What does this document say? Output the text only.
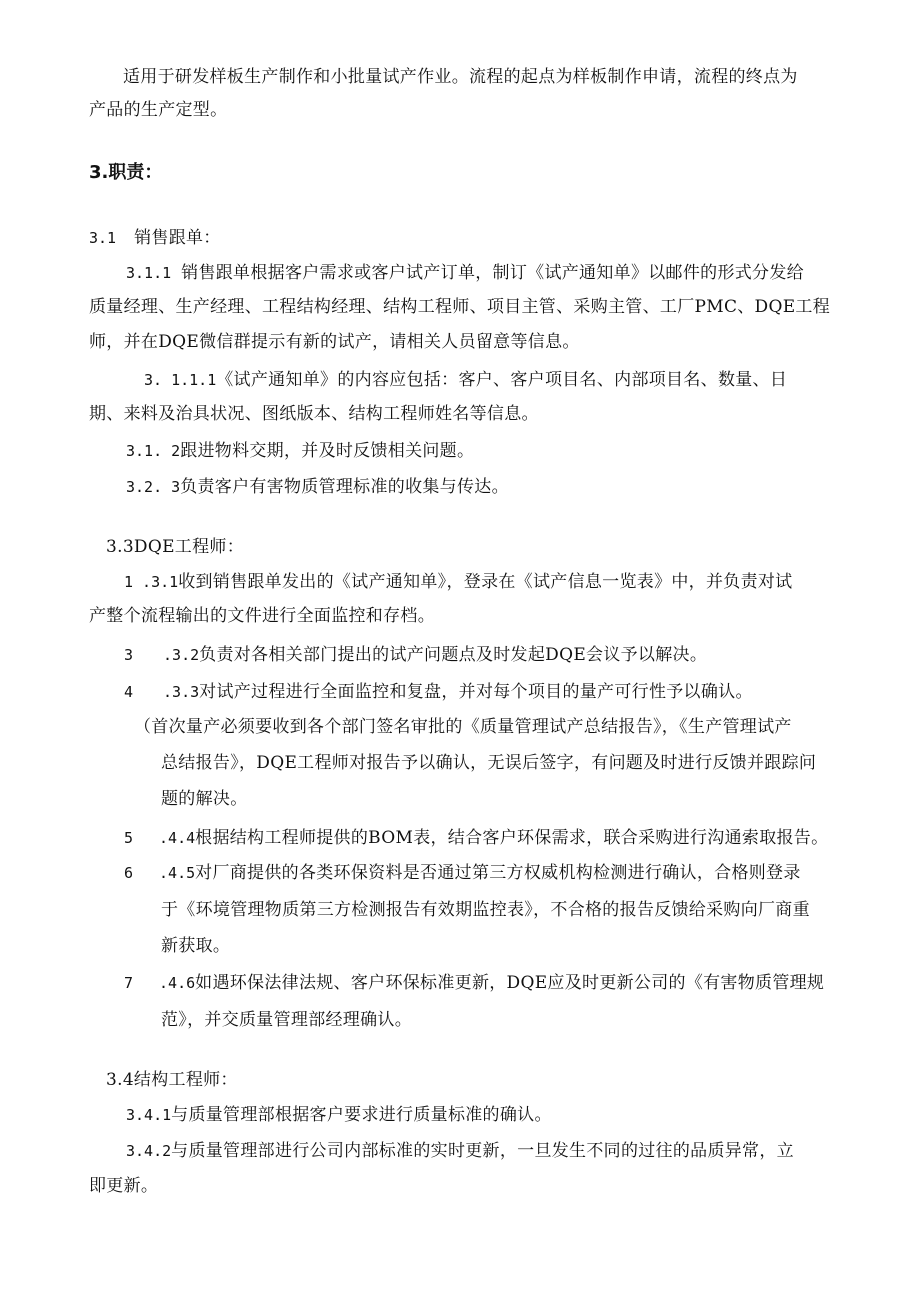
适用于研发样板生产制作和小批量试产作业。流程的起点为样板制作申请，流程的终点为
产品的生产定型。
3.职责：
3.1 销售跟单：
3.1.1 销售跟单根据客户需求或客户试产订单，制订《试产通知单》以邮件的形式分发给
质量经理、生产经理、工程结构经理、结构工程师、项目主管、采购主管、工厂PMC、DQE工程
师，并在DQE微信群提示有新的试产，请相关人员留意等信息。
3. 1.1.1《试产通知单》的内容应包括：客户、客户项目名、内部项目名、数量、日
期、来料及治具状况、图纸版本、结构工程师姓名等信息。
3.1. 2跟进物料交期，并及时反馈相关问题。
3.2. 3负责客户有害物质管理标准的收集与传达。
3.3DQE工程师：
1 .3.1收到销售跟单发出的《试产通知单》，登录在《试产信息一览表》中，并负责对试
产整个流程输出的文件进行全面监控和存档。
3 .3.2负责对各相关部门提出的试产问题点及时发起DQE会议予以解决。
4 .3.3对试产过程进行全面监控和复盘，并对每个项目的量产可行性予以确认。
（首次量产必须要收到各个部门签名审批的《质量管理试产总结报告》，《生产管理试产
总结报告》，DQE工程师对报告予以确认，无误后签字，有问题及时进行反馈并跟踪问
题的解决。
5 .4.4根据结构工程师提供的BOM表，结合客户环保需求，联合采购进行沟通索取报告。
6 .4.5对厂商提供的各类环保资料是否通过第三方权威机构检测进行确认，合格则登录
于《环境管理物质第三方检测报告有效期监控表》，不合格的报告反馈给采购向厂商重
新获取。
7 .4.6如遇环保法律法规、客户环保标准更新，DQE应及时更新公司的《有害物质管理规
范》，并交质量管理部经理确认。
3.4结构工程师：
3.4.1与质量管理部根据客户要求进行质量标准的确认。
3.4.2与质量管理部进行公司内部标准的实时更新，一旦发生不同的过往的品质异常，立
即更新。
